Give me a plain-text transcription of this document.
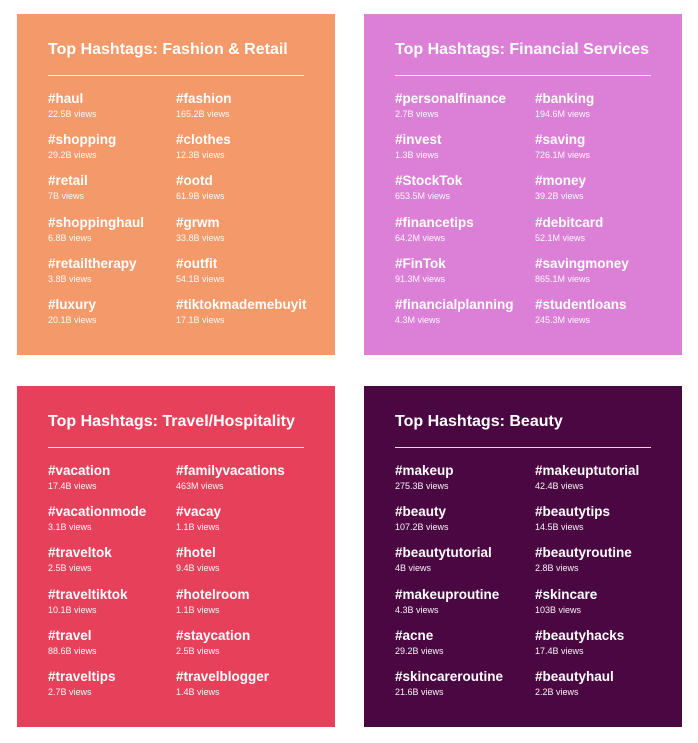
Top Hashtags: Fashion & Retail
#haul
22.5B views
#fashion
165.2B views
#shopping
29.2B views
#clothes
12.3B views
#retail
7B views
#ootd
61.9B views
#shoppinghaul
6.8B views
#grwm
33.8B views
#retailtherapy
3.8B views
#outfit
54.1B views
#luxury
20.1B views
#tiktokmademebuyit
17.1B views
Top Hashtags: Financial Services
#personalfinance
2.7B views
#banking
194.6M views
#invest
1.3B views
#saving
726.1M views
#StockTok
653.5M views
#money
39.2B views
#financetips
64.2M views
#debitcard
52.1M views
#FinTok
91.3M views
#savingmoney
865.1M views
#financialplanning
4.3M views
#studentloans
245.3M views
Top Hashtags: Travel/Hospitality
#vacation
17.4B views
#familyvacations
463M views
#vacationmode
3.1B views
#vacay
1.1B views
#traveltok
2.5B views
#hotel
9.4B views
#traveltiktok
10.1B views
#hotelroom
1.1B views
#travel
88.6B views
#staycation
2.5B views
#traveltips
2.7B views
#travelblogger
1.4B views
Top Hashtags: Beauty
#makeup
275.3B views
#makeuptutorial
42.4B views
#beauty
107.2B views
#beautytips
14.5B views
#beautytutorial
4B views
#beautyroutine
2.8B views
#makeuproutine
4.3B views
#skincare
103B views
#acne
29.2B views
#beautyhacks
17.4B views
#skincareroutine
21.6B views
#beautyhaul
2.2B views
